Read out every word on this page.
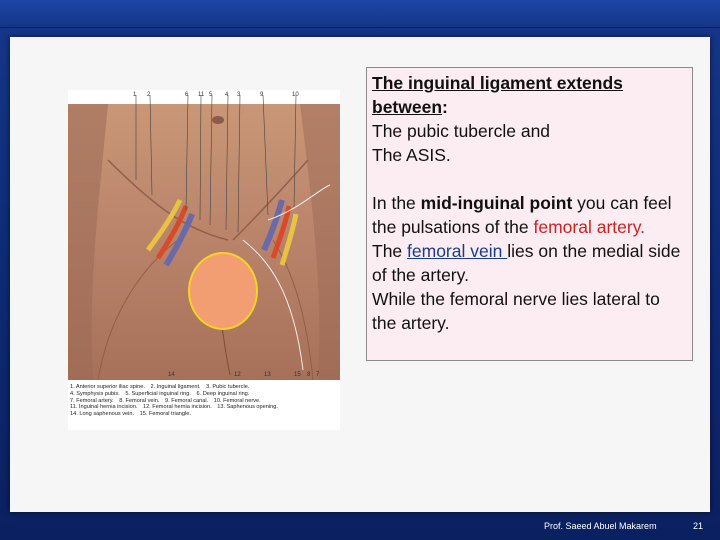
1 2	6 11 5 4 3	9	10
14	12	13	15 8 7
1. Anterior superior iliac spine. 2. Inguinal ligament. 3. Pubic tubercle.
4. Symphysis pubis. 5. Superficial inguinal ring. 6. Deep inguinal ring.
7. Femoral artery. 8. Femoral vein. 9. Femoral canal. 10. Femoral nerve.
11. Inguinal hernia incision. 12. Femoral hernia incision. 13. Saphenous opening.
14. Long saphenous vein. 15. Femoral triangle.
The inguinal ligament extends
between:
The pubic tubercle and
The ASIS.
In the mid-inguinal point you can feel the pulsations of the femoral artery.
The femoral vein lies on the medial side of the artery.
While the femoral nerve lies lateral to the artery.
Prof. Saeed Abuel Makarem	21
